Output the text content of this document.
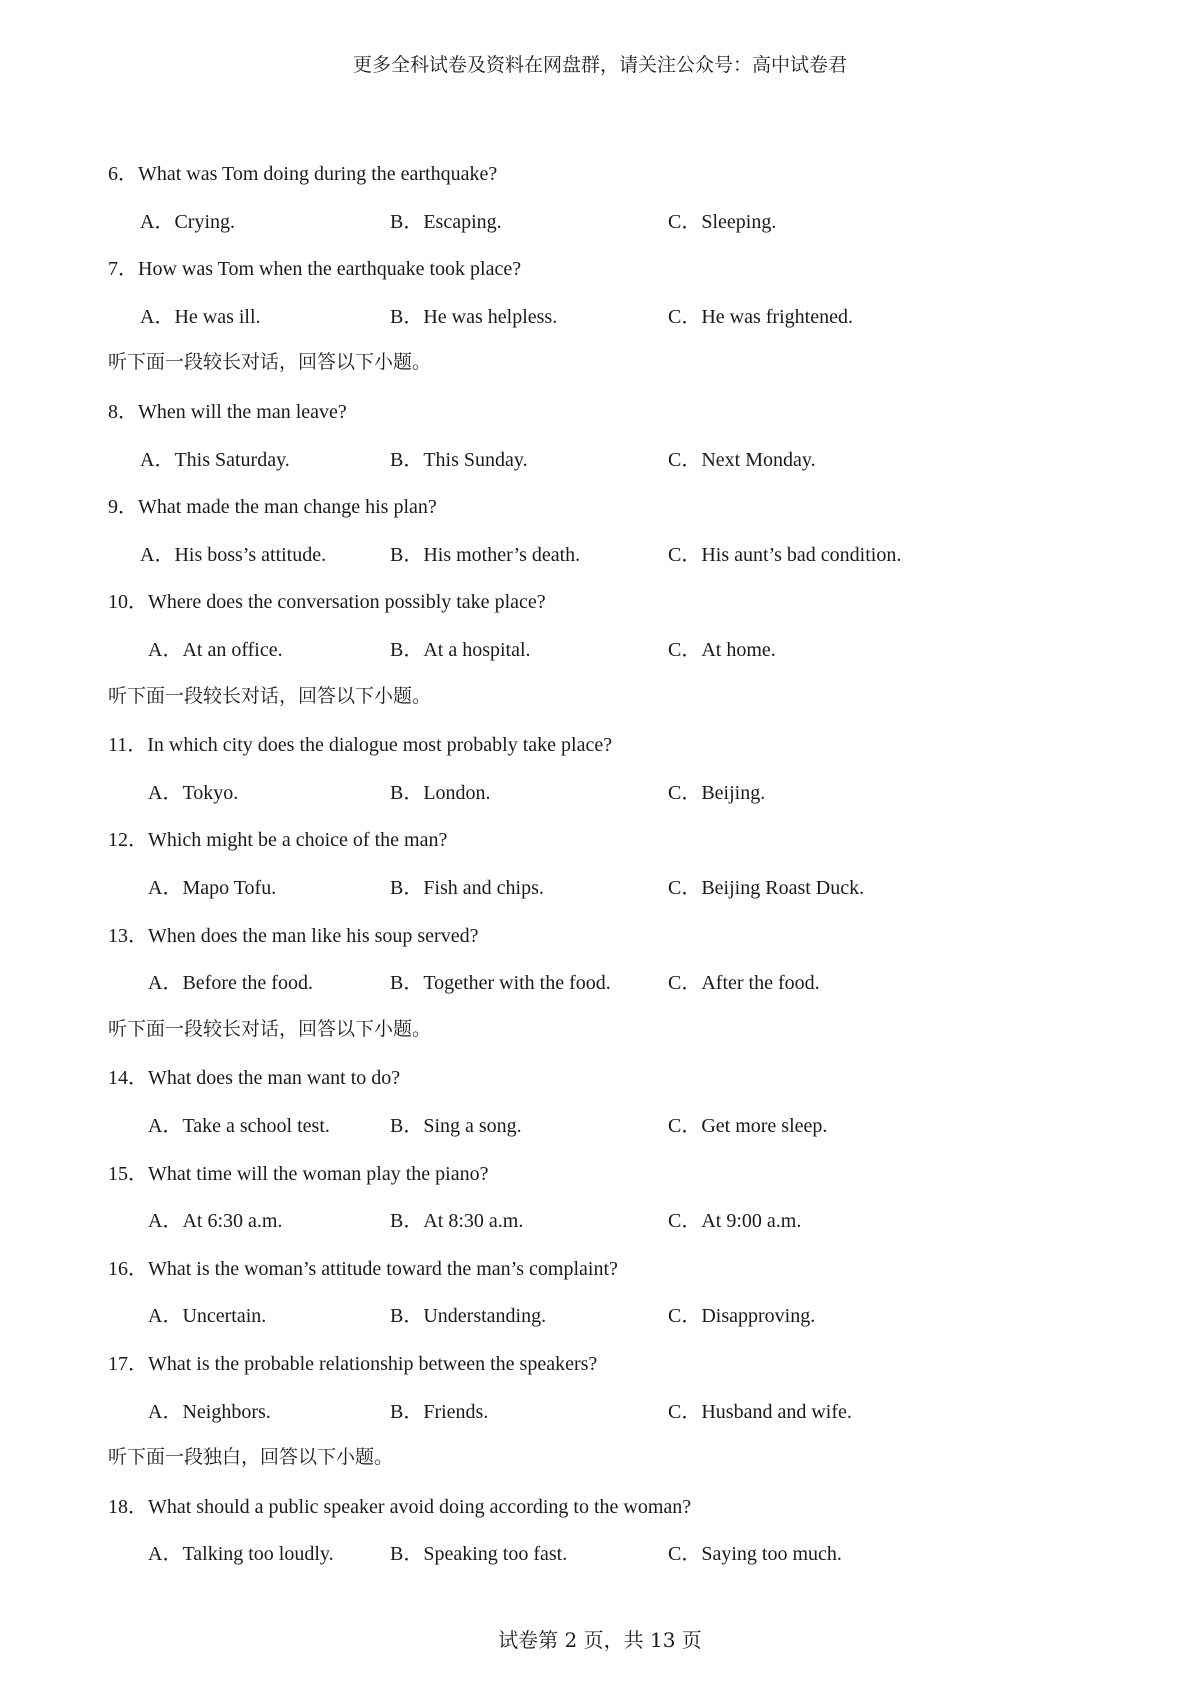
更多全科试卷及资料在网盘群，请关注公众号：高中试卷君
6．What was Tom doing during the earthquake?
A．Crying.	B．Escaping.	C．Sleeping.
7．How was Tom when the earthquake took place?
A．He was ill.	B．He was helpless.	C．He was frightened.
听下面一段较长对话，回答以下小题。
8．When will the man leave?
A．This Saturday.	B．This Sunday.	C．Next Monday.
9．What made the man change his plan?
A．His boss’s attitude.	B．His mother’s death.	C．His aunt’s bad condition.
10．Where does the conversation possibly take place?
A．At an office.	B．At a hospital.	C．At home.
听下面一段较长对话，回答以下小题。
11．In which city does the dialogue most probably take place?
A．Tokyo.	B．London.	C．Beijing.
12．Which might be a choice of the man?
A．Mapo Tofu.	B．Fish and chips.	C．Beijing Roast Duck.
13．When does the man like his soup served?
A．Before the food.	B．Together with the food.	C．After the food.
听下面一段较长对话，回答以下小题。
14．What does the man want to do?
A．Take a school test.	B．Sing a song.	C．Get more sleep.
15．What time will the woman play the piano?
A．At 6:30 a.m.	B．At 8:30 a.m.	C．At 9:00 a.m.
16．What is the woman’s attitude toward the man’s complaint?
A．Uncertain.	B．Understanding.	C．Disapproving.
17．What is the probable relationship between the speakers?
A．Neighbors.	B．Friends.	C．Husband and wife.
听下面一段独白，回答以下小题。
18．What should a public speaker avoid doing according to the woman?
A．Talking too loudly.	B．Speaking too fast.	C．Saying too much.
试卷第 2 页，共 13 页
